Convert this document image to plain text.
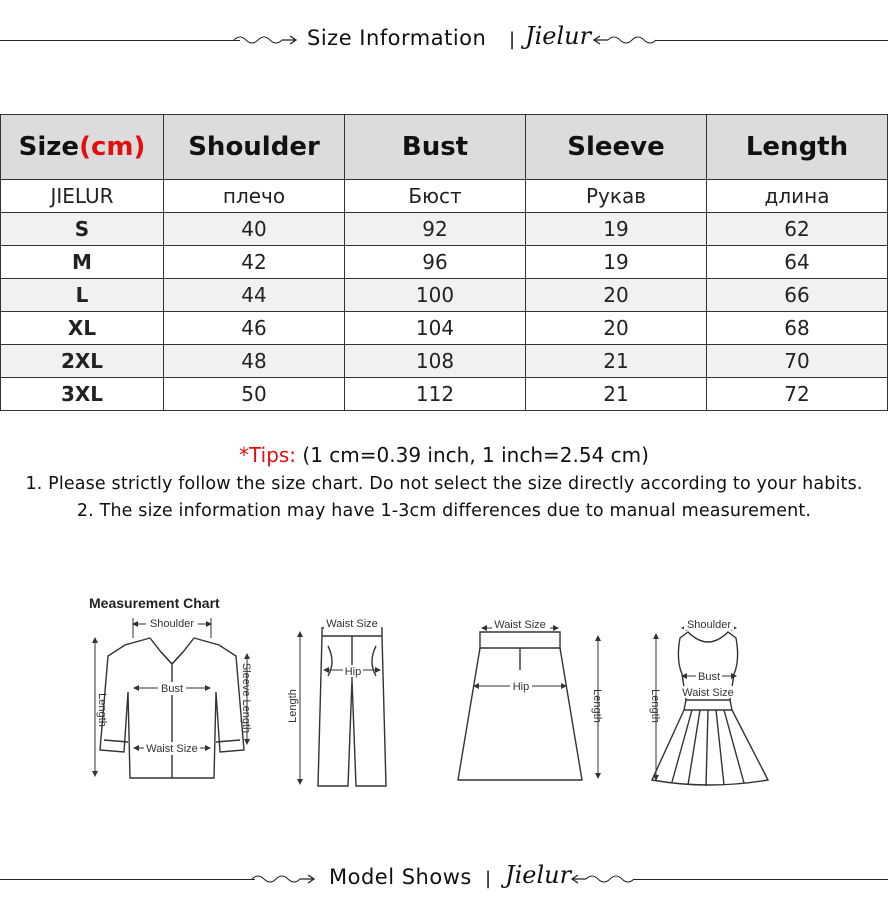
Size Information | Jielur
Size(cm)	Shoulder	Bust	Sleeve	Length
JIELUR	плечо	Бюст	Рукав	длина
S	40	92	19	62
M	42	96	19	64
L	44	100	20	66
XL	46	104	20	68
2XL	48	108	21	70
3XL	50	112	21	72
*Tips: (1 cm=0.39 inch, 1 inch=2.54 cm)
1. Please strictly follow the size chart. Do not select the size directly according to your habits.
2. The size information may have 1-3cm differences due to manual measurement.
Measurement Chart
Shoulder
Bust
Waist Size
Length	Sleeve Length
Waist Size
Hip
Length
Waist Size
Hip
Length
Shoulder
Bust
Waist Size
Length
Model Shows | Jielur
